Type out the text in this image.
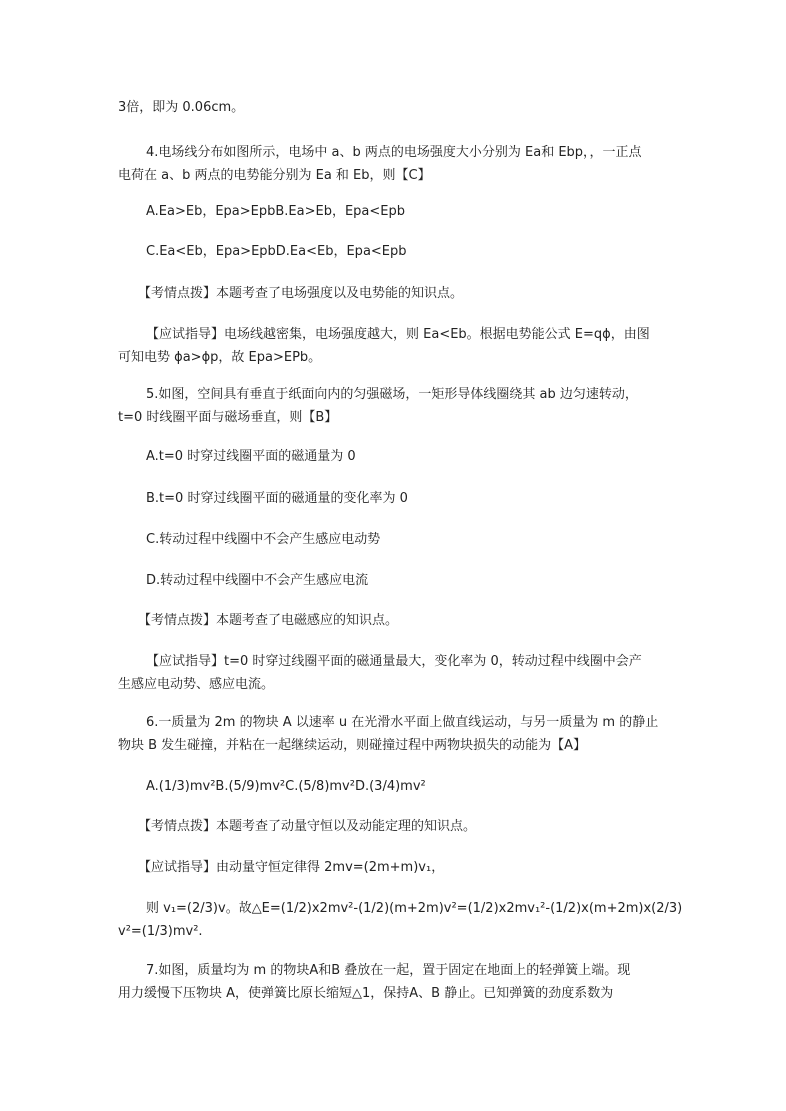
3倍，即为 0.06cm。

4.电场线分布如图所示，电场中 a、b 两点的电场强度大小分别为 Ea和 Ebp，，一正点

电荷在 a、b 两点的电势能分别为 Ea 和 Eb，则【C】

A.Ea>Eb，Epa>EpbB.Ea>Eb，Epa<Epb

C.Ea<Eb，Epa>EpbD.Ea<Eb，Epa<Epb

【考情点拨】本题考查了电场强度以及电势能的知识点。

【应试指导】电场线越密集，电场强度越大，则 Ea<Eb。根据电势能公式 E=qϕ，由图

可知电势 ϕa>ϕp，故 Epa>EPb。

5.如图，空间具有垂直于纸面向内的匀强磁场，一矩形导体线圈绕其 ab 边匀速转动，

t=0 时线圈平面与磁场垂直，则【B】

A.t=0 时穿过线圈平面的磁通量为 0

B.t=0 时穿过线圈平面的磁通量的变化率为 0

C.转动过程中线圈中不会产生感应电动势

D.转动过程中线圈中不会产生感应电流

【考情点拨】本题考查了电磁感应的知识点。

【应试指导】t=0 时穿过线圈平面的磁通量最大，变化率为 0，转动过程中线圈中会产

生感应电动势、感应电流。

6.一质量为 2m 的物块 A 以速率 u 在光滑水平面上做直线运动，与另一质量为 m 的静止

物块 B 发生碰撞，并粘在一起继续运动，则碰撞过程中两物块损失的动能为【A】

A.(1/3)mv²B.(5/9)mv²C.(5/8)mv²D.(3/4)mv²

【考情点拨】本题考查了动量守恒以及动能定理的知识点。

【应试指导】由动量守恒定律得 2mv=(2m+m)v₁，

则 v₁=(2/3)v。故△E=(1/2)x2mv²-(1/2)(m+2m)v²=(1/2)x2mv₁²-(1/2)x(m+2m)x(2/3)

v²=(1/3)mv².

7.如图，质量均为 m 的物块A和B 叠放在一起，置于固定在地面上的轻弹簧上端。现

用力缓慢下压物块 A，使弹簧比原长缩短△1，保持A、B 静止。已知弹簧的劲度系数为
